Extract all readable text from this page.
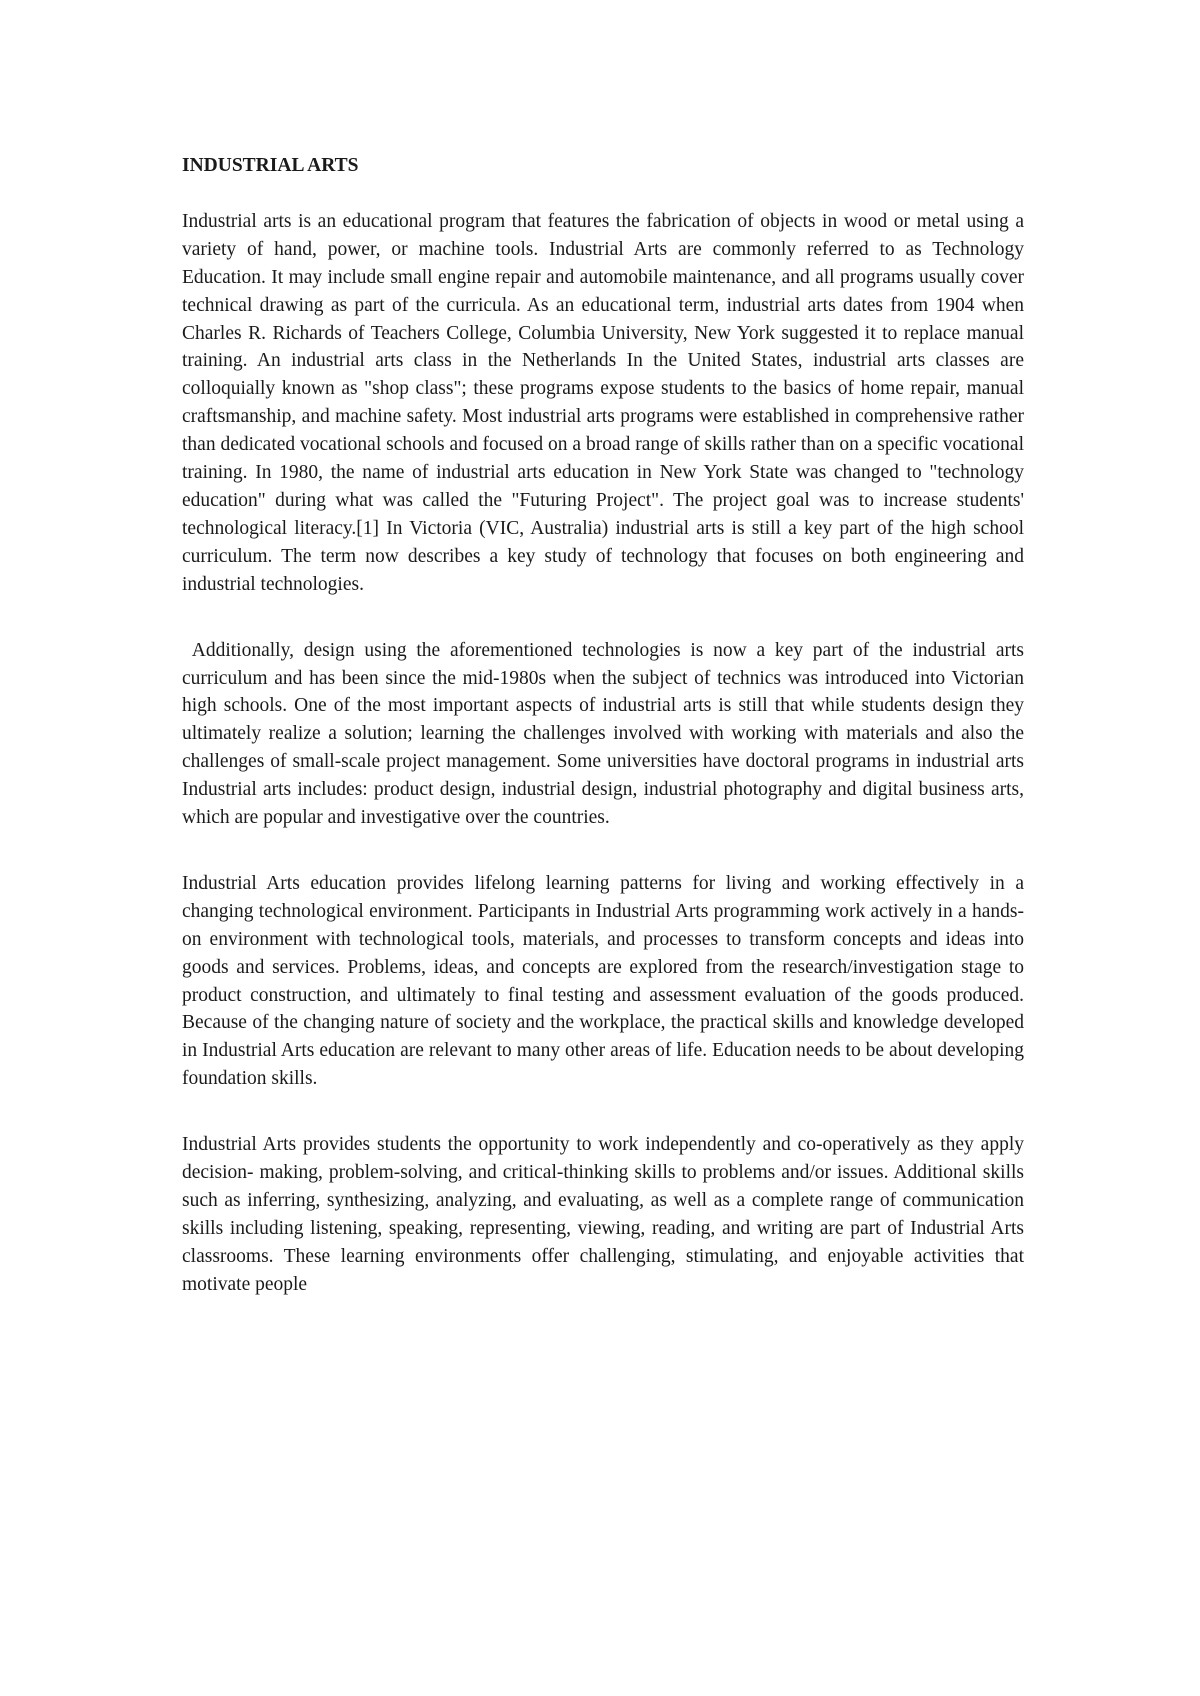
INDUSTRIAL ARTS

Industrial arts is an educational program that features the fabrication of objects in wood or metal using a variety of hand, power, or machine tools. Industrial Arts are commonly referred to as Technology Education. It may include small engine repair and automobile maintenance, and all programs usually cover technical drawing as part of the curricula. As an educational term, industrial arts dates from 1904 when Charles R. Richards of Teachers College, Columbia University, New York suggested it to replace manual training. An industrial arts class in the Netherlands In the United States, industrial arts classes are colloquially known as "shop class"; these programs expose students to the basics of home repair, manual craftsmanship, and machine safety. Most industrial arts programs were established in comprehensive rather than dedicated vocational schools and focused on a broad range of skills rather than on a specific vocational training. In 1980, the name of industrial arts education in New York State was changed to "technology education" during what was called the "Futuring Project". The project goal was to increase students' technological literacy.[1] In Victoria (VIC, Australia) industrial arts is still a key part of the high school curriculum. The term now describes a key study of technology that focuses on both engineering and industrial technologies.

Additionally, design using the aforementioned technologies is now a key part of the industrial arts curriculum and has been since the mid-1980s when the subject of technics was introduced into Victorian high schools. One of the most important aspects of industrial arts is still that while students design they ultimately realize a solution; learning the challenges involved with working with materials and also the challenges of small-scale project management. Some universities have doctoral programs in industrial arts Industrial arts includes: product design, industrial design, industrial photography and digital business arts, which are popular and investigative over the countries.

Industrial Arts education provides lifelong learning patterns for living and working effectively in a changing technological environment. Participants in Industrial Arts programming work actively in a hands-on environment with technological tools, materials, and processes to transform concepts and ideas into goods and services. Problems, ideas, and concepts are explored from the research/investigation stage to product construction, and ultimately to final testing and assessment evaluation of the goods produced. Because of the changing nature of society and the workplace, the practical skills and knowledge developed in Industrial Arts education are relevant to many other areas of life. Education needs to be about developing foundation skills.

Industrial Arts provides students the opportunity to work independently and co-operatively as they apply decision- making, problem-solving, and critical-thinking skills to problems and/or issues. Additional skills such as inferring, synthesizing, analyzing, and evaluating, as well as a complete range of communication skills including listening, speaking, representing, viewing, reading, and writing are part of Industrial Arts classrooms. These learning environments offer challenging, stimulating, and enjoyable activities that motivate people
